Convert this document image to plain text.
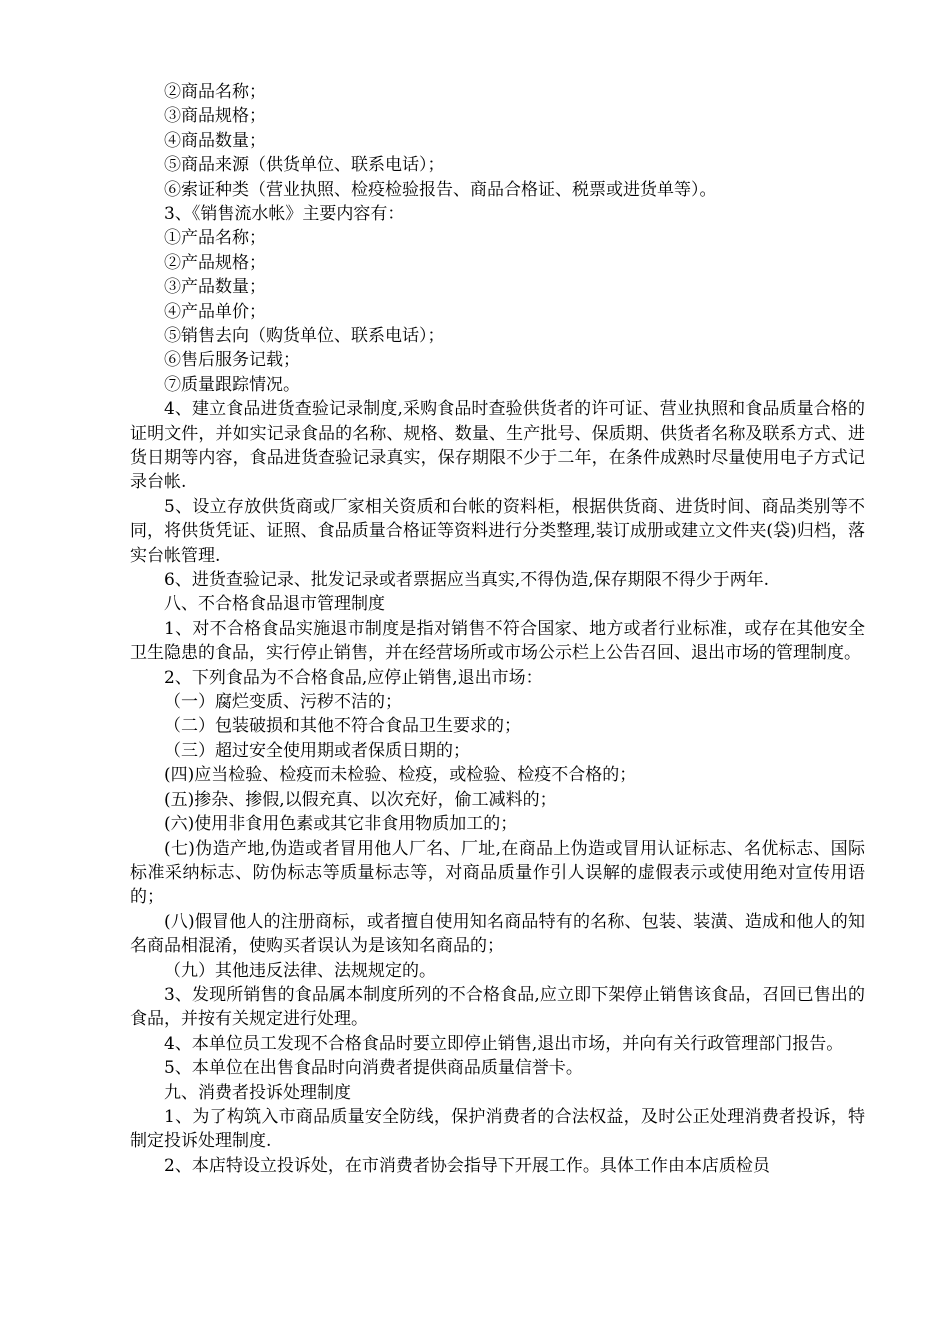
②商品名称；
③商品规格；
④商品数量；
⑤商品来源（供货单位、联系电话）；
⑥索证种类（营业执照、检疫检验报告、商品合格证、税票或进货单等）。
3、《销售流水帐》主要内容有：
①产品名称；
②产品规格；
③产品数量；
④产品单价；
⑤销售去向（购货单位、联系电话）；
⑥售后服务记载；
⑦质量跟踪情况。

4、建立食品进货查验记录制度,采购食品时查验供货者的许可证、营业执照和食品质量合格的证明文件，并如实记录食品的名称、规格、数量、生产批号、保质期、供货者名称及联系方式、进货日期等内容，食品进货查验记录真实，保存期限不少于二年，在条件成熟时尽量使用电子方式记录台帐.

5、设立存放供货商或厂家相关资质和台帐的资料柜，根据供货商、进货时间、商品类别等不同，将供货凭证、证照、食品质量合格证等资料进行分类整理,装订成册或建立文件夹(袋)归档，落实台帐管理.

6、进货查验记录、批发记录或者票据应当真实,不得伪造,保存期限不得少于两年.

八、不合格食品退市管理制度

1、对不合格食品实施退市制度是指对销售不符合国家、地方或者行业标准，或存在其他安全卫生隐患的食品，实行停止销售，并在经营场所或市场公示栏上公告召回、退出市场的管理制度。

2、下列食品为不合格食品,应停止销售,退出市场：

（一）腐烂变质、污秽不洁的；

（二）包装破损和其他不符合食品卫生要求的；

（三）超过安全使用期或者保质日期的；

(四)应当检验、检疫而未检验、检疫，或检验、检疫不合格的；

(五)掺杂、掺假,以假充真、以次充好，偷工减料的；

(六)使用非食用色素或其它非食用物质加工的；

(七)伪造产地,伪造或者冒用他人厂名、厂址,在商品上伪造或冒用认证标志、名优标志、国际标准采纳标志、防伪标志等质量标志等，对商品质量作引人误解的虚假表示或使用绝对宣传用语的；

(八)假冒他人的注册商标，或者擅自使用知名商品特有的名称、包装、装潢、造成和他人的知名商品相混淆，使购买者误认为是该知名商品的；

（九）其他违反法律、法规规定的。

3、发现所销售的食品属本制度所列的不合格食品,应立即下架停止销售该食品，召回已售出的食品，并按有关规定进行处理。

4、本单位员工发现不合格食品时要立即停止销售,退出市场，并向有关行政管理部门报告。

5、本单位在出售食品时向消费者提供商品质量信誉卡。

九、消费者投诉处理制度

1、为了构筑入市商品质量安全防线，保护消费者的合法权益，及时公正处理消费者投诉，特制定投诉处理制度.

2、本店特设立投诉处，在市消费者协会指导下开展工作。具体工作由本店质检员
